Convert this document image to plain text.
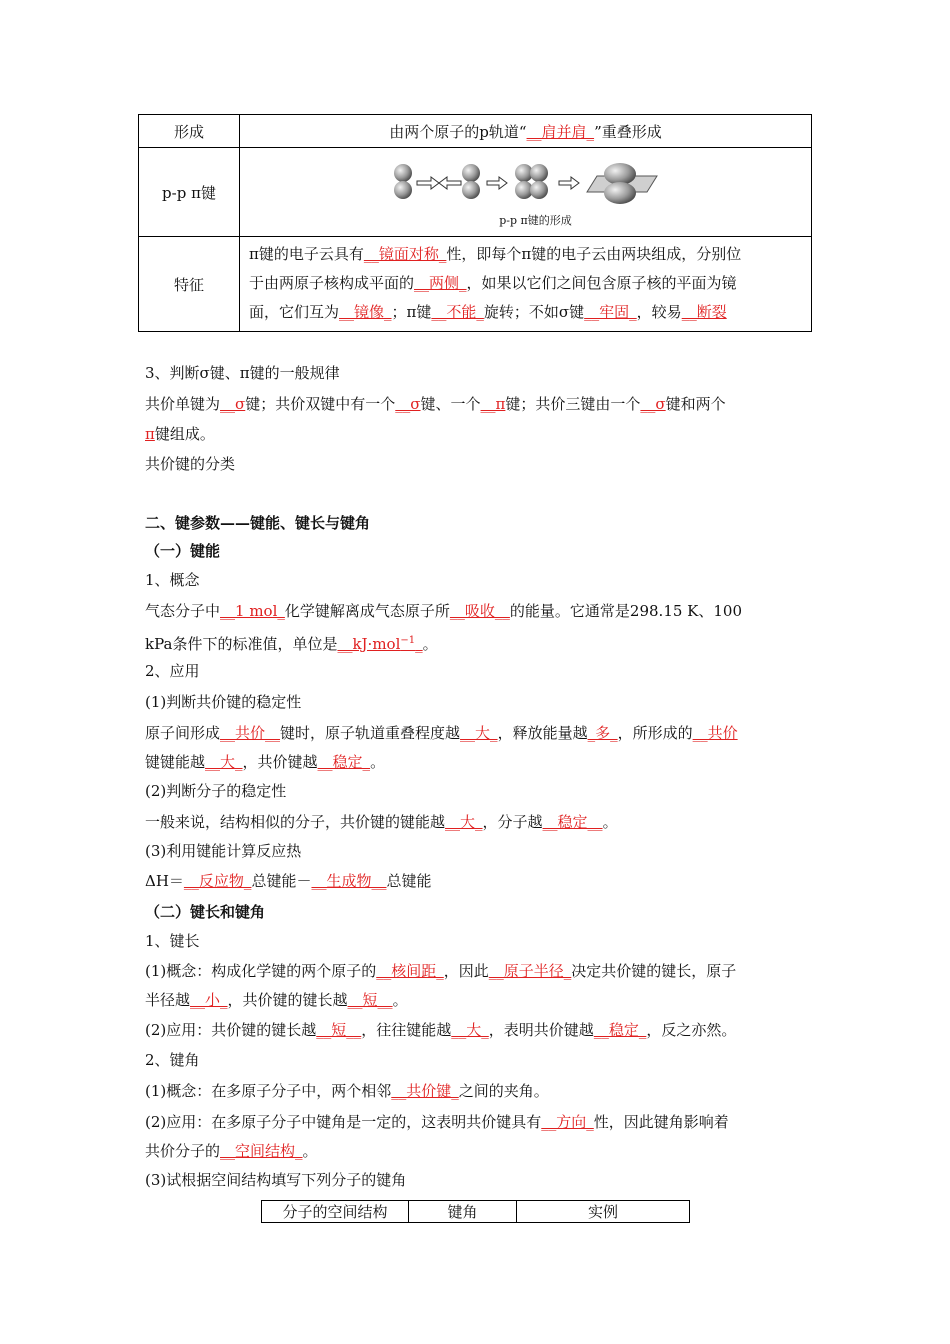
形成	由两个原子的p轨道“__肩并肩_”重叠形成
p-p π键	p-p π键的形成

特征	π键的电子云具有__镜面对称_性，即每个π键的电子云由两块组成，分别位
于由两原子核构成平面的__两侧_，如果以它们之间包含原子核的平面为镜
面，它们互为__镜像_；π键__不能_旋转；不如σ键__牢固_，较易__断裂
3、判断σ键、π键的一般规律
共价单键为__σ键；共价双键中有一个__σ键、一个__π键；共价三键由一个__σ键和两个
π键组成。
共价键的分类
二、键参数——键能、键长与键角
（一）键能
1、概念
气态分子中__1 mol_化学键解离成气态原子所__吸收__的能量。它通常是298.15 K、100
kPa条件下的标准值，单位是__kJ·mol$^{-1}$_。
2、应用
(1)判断共价键的稳定性
原子间形成__共价__键时，原子轨道重叠程度越__大_，释放能量越_多_，所形成的__共价
键键能越__大_，共价键越__稳定_。
(2)判断分子的稳定性
一般来说，结构相似的分子，共价键的键能越__大_，分子越__稳定__。
(3)利用键能计算反应热
ΔH＝__反应物_总键能－__生成物__总键能
（二）键长和键角
1、键长
(1)概念：构成化学键的两个原子的__核间距_，因此__原子半径_决定共价键的键长，原子
半径越__小_，共价键的键长越__短__。
(2)应用：共价键的键长越__短__，往往键能越__大_，表明共价键越__稳定_，反之亦然。
2、键角
(1)概念：在多原子分子中，两个相邻__共价键_之间的夹角。
(2)应用：在多原子分子中键角是一定的，这表明共价键具有__方向_性，因此键角影响着
共价分子的__空间结构_。
(3)试根据空间结构填写下列分子的键角
分子的空间结构	键角	实例
